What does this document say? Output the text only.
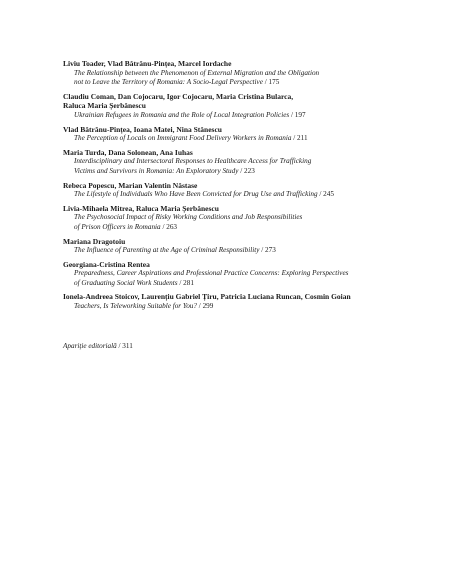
Liviu Toader, Vlad Bătrânu-Pințea, Marcel Iordache
The Relationship between the Phenomenon of External Migration and the Obligation
not to Leave the Territory of Romania: A Socio-Legal Perspective / 175
Claudiu Coman, Dan Cojocaru, Igor Cojocaru, Maria Cristina Bularca,
Raluca Maria Șerbănescu
Ukrainian Refugees in Romania and the Role of Local Integration Policies / 197
Vlad Bătrânu-Pințea, Ioana Matei, Nina Stănescu
The Perception of Locals on Immigrant Food Delivery Workers in Romania / 211
Maria Turda, Dana Solonean, Ana Iuhas
Interdisciplinary and Intersectoral Responses to Healthcare Access for Trafficking
Victims and Survivors in Romania: An Exploratory Study / 223
Rebeca Popescu, Marian Valentin Năstase
The Lifestyle of Individuals Who Have Been Convicted for Drug Use and Trafficking / 245
Livia-Mihaela Mitrea, Raluca Maria Șerbănescu
The Psychosocial Impact of Risky Working Conditions and Job Responsibilities
of Prison Officers in Romania / 263
Mariana Dragotoiu
The Influence of Parenting at the Age of Criminal Responsibility / 273
Georgiana-Cristina Rentea
Preparedness, Career Aspirations and Professional Practice Concerns: Exploring Perspectives
of Graduating Social Work Students / 281
Ionela-Andreea Stoicov, Laurențiu Gabriel Țiru, Patricia Luciana Runcan, Cosmin Goian
Teachers, Is Teleworking Suitable for You? / 299
Apariție editorială / 311
